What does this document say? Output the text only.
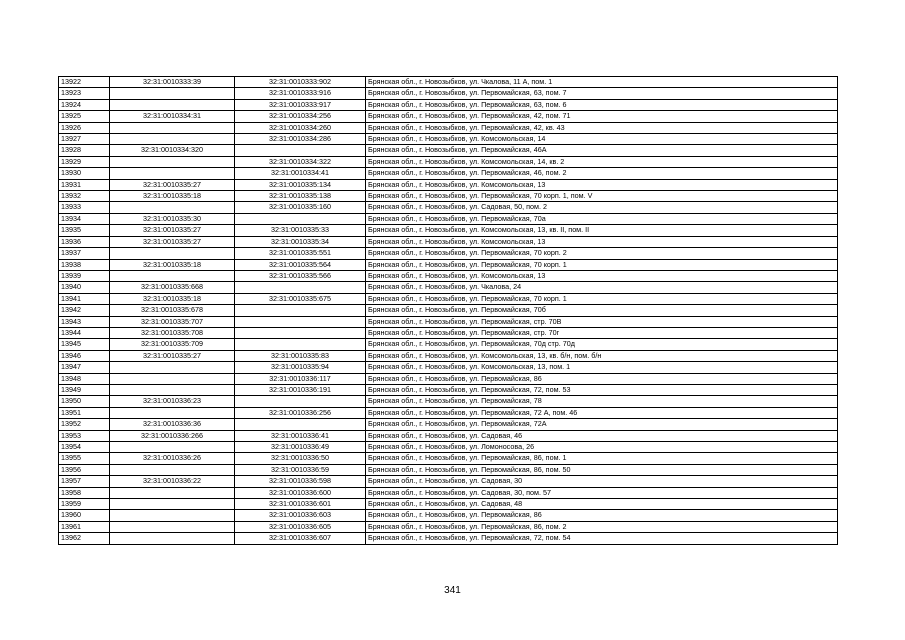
13922	32:31:0010333:39	32:31:0010333:902	Брянская обл., г. Новозыбков, ул. Чкалова, 11 А, пом. 1
13923		32:31:0010333:916	Брянская обл., г. Новозыбков, ул. Первомайская, 63, пом. 7
13924		32:31:0010333:917	Брянская обл., г. Новозыбков, ул. Первомайская, 63, пом. 6
13925	32:31:0010334:31	32:31:0010334:256	Брянская обл., г. Новозыбков, ул. Первомайская, 42, пом. 71
13926		32:31:0010334:260	Брянская обл., г. Новозыбков, ул. Первомайская, 42, кв. 43
13927		32:31:0010334:286	Брянская обл., г. Новозыбков, ул. Комсомольская, 14
13928	32:31:0010334:320		Брянская обл., г. Новозыбков, ул. Первомайская, 46А
13929		32:31:0010334:322	Брянская обл., г. Новозыбков, ул. Комсомольская, 14, кв. 2
13930		32:31:0010334:41	Брянская обл., г. Новозыбков, ул. Первомайская, 46, пом. 2
13931	32:31:0010335:27	32:31:0010335:134	Брянская обл., г. Новозыбков, ул. Комсомольская, 13
13932	32:31:0010335:18	32:31:0010335:138	Брянская обл., г. Новозыбков, ул. Первомайская, 70 корп. 1, пом. V
13933		32:31:0010335:160	Брянская обл., г. Новозыбков, ул. Садовая, 50, пом. 2
13934	32:31:0010335:30		Брянская обл., г. Новозыбков, ул. Первомайская, 70а
13935	32:31:0010335:27	32:31:0010335:33	Брянская обл., г. Новозыбков, ул. Комсомольская, 13, кв. II, пом. II
13936	32:31:0010335:27	32:31:0010335:34	Брянская обл., г. Новозыбков, ул. Комсомольская, 13
13937		32:31:0010335:551	Брянская обл., г. Новозыбков, ул. Первомайская, 70 корп. 2
13938	32:31:0010335:18	32:31:0010335:564	Брянская обл., г. Новозыбков, ул. Первомайская, 70 корп. 1
13939		32:31:0010335:566	Брянская обл., г. Новозыбков, ул. Комсомольская, 13
13940	32:31:0010335:668		Брянская обл., г. Новозыбков, ул. Чкалова, 24
13941	32:31:0010335:18	32:31:0010335:675	Брянская обл., г. Новозыбков, ул. Первомайская, 70 корп. 1
13942	32:31:0010335:678		Брянская обл., г. Новозыбков, ул. Первомайская, 70б
13943	32:31:0010335:707		Брянская обл., г. Новозыбков, ул. Первомайская, стр. 70В
13944	32:31:0010335:708		Брянская обл., г. Новозыбков, ул. Первомайская, стр. 70г
13945	32:31:0010335:709		Брянская обл., г. Новозыбков, ул. Первомайская, 70д стр. 70д
13946	32:31:0010335:27	32:31:0010335:83	Брянская обл., г. Новозыбков, ул. Комсомольская, 13, кв. б/н, пом. б/н
13947		32:31:0010335:94	Брянская обл., г. Новозыбков, ул. Комсомольская, 13, пом. 1
13948		32:31:0010336:117	Брянская обл., г. Новозыбков, ул. Первомайская, 86
13949		32:31:0010336:191	Брянская обл., г. Новозыбков, ул. Первомайская, 72, пом. 53
13950	32:31:0010336:23		Брянская обл., г. Новозыбков, ул. Первомайская, 78
13951		32:31:0010336:256	Брянская обл., г. Новозыбков, ул. Первомайская, 72 А, пом. 46
13952	32:31:0010336:36		Брянская обл., г. Новозыбков, ул. Первомайская, 72А
13953	32:31:0010336:266	32:31:0010336:41	Брянская обл., г. Новозыбков, ул. Садовая, 46
13954		32:31:0010336:49	Брянская обл., г. Новозыбков, ул. Ломоносова, 26
13955	32:31:0010336:26	32:31:0010336:50	Брянская обл., г. Новозыбков, ул. Первомайская, 86, пом. 1
13956		32:31:0010336:59	Брянская обл., г. Новозыбков, ул. Первомайская, 86, пом. 50
13957	32:31:0010336:22	32:31:0010336:598	Брянская обл., г. Новозыбков, ул. Садовая, 30
13958		32:31:0010336:600	Брянская обл., г. Новозыбков, ул. Садовая, 30, пом. 57
13959		32:31:0010336:601	Брянская обл., г. Новозыбков, ул. Садовая, 48
13960		32:31:0010336:603	Брянская обл., г. Новозыбков, ул. Первомайская, 86
13961		32:31:0010336:605	Брянская обл., г. Новозыбков, ул. Первомайская, 86, пом. 2
13962		32:31:0010336:607	Брянская обл., г. Новозыбков, ул. Первомайская, 72, пом. 54
341
